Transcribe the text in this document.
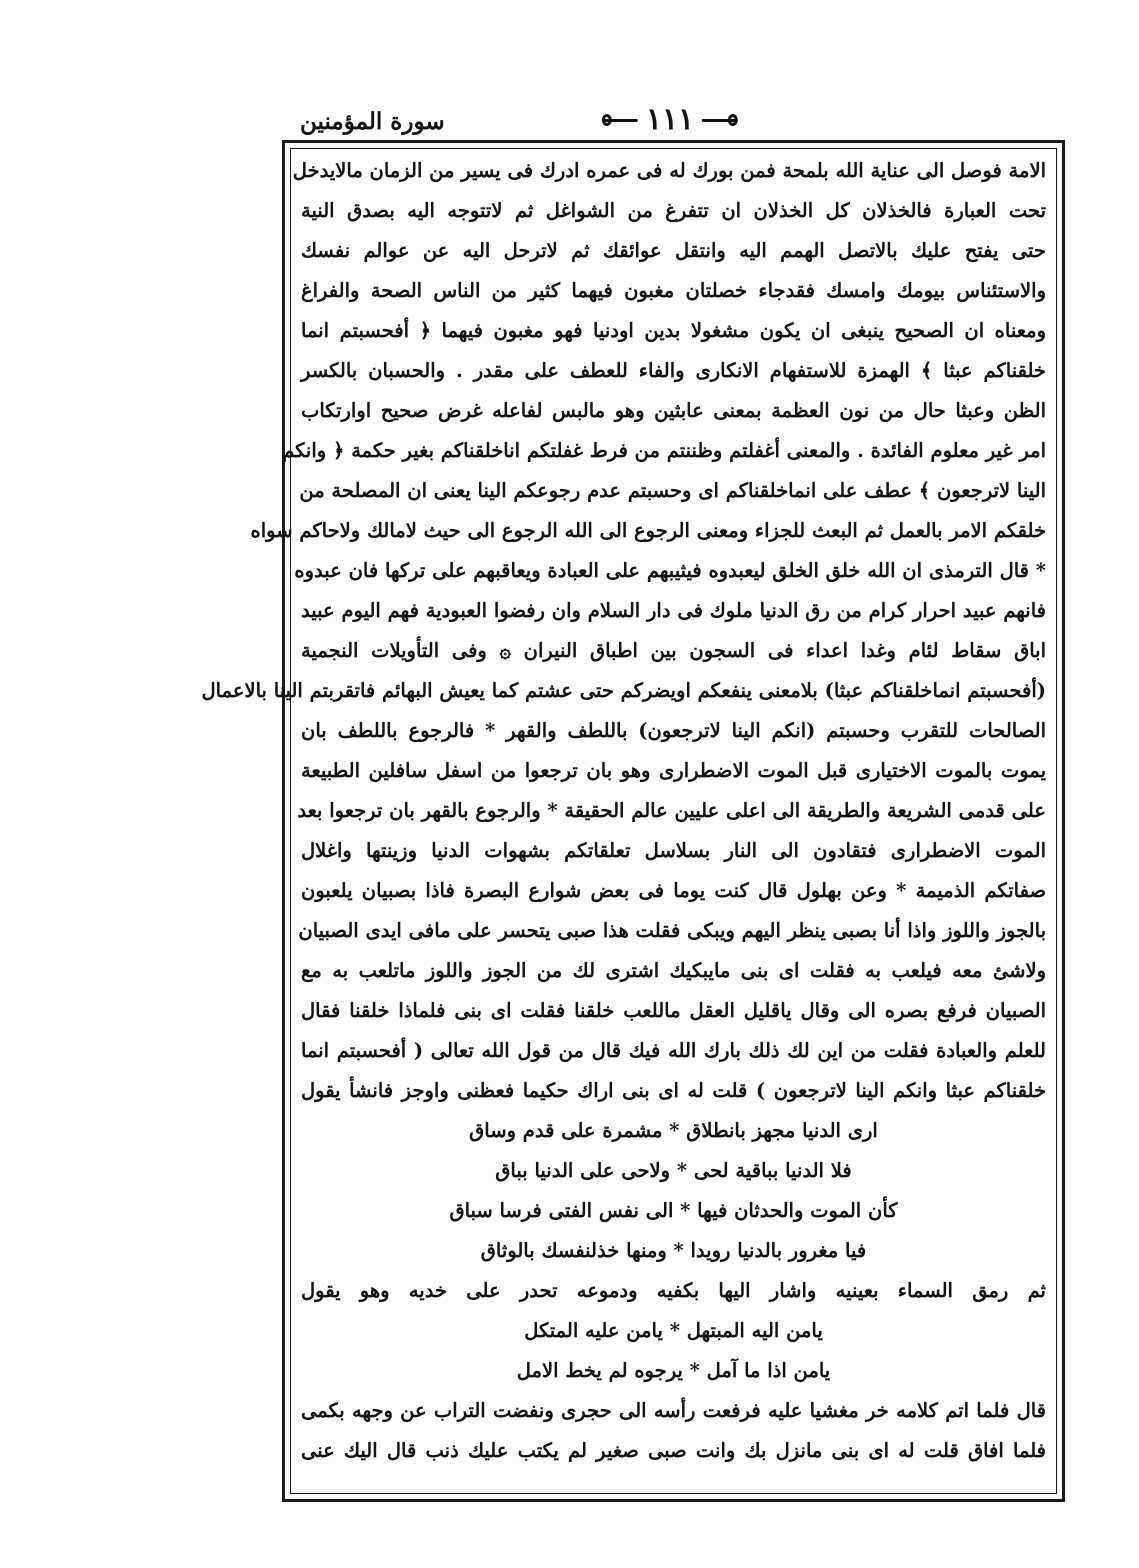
١١١
سورة المؤمنين
الامة فوصل الى عناية الله بلمحة فمن بورك له فى عمره ادرك فى يسير من الزمان مالايدخل
تحت العبارة فالخذلان كل الخذلان ان تتفرغ من الشواغل ثم لاتتوجه اليه بصدق النية
حتى يفتح عليك بالاتصل الهمم اليه وانتقل عوائقك ثم لاترحل اليه عن عوالم نفسك
والاستئناس بيومك وامسك فقدجاء خصلتان مغبون فيهما كثير من الناس الصحة والفراغ
ومعناه ان الصحيح ينبغى ان يكون مشغولا بدين اودنيا فهو مغبون فيهما ﴿ أفحسبتم انما
خلقناكم عبثا ﴾ الهمزة للاستفهام الانكارى والفاء للعطف على مقدر . والحسبان بالكسر
الظن وعبثا حال من نون العظمة بمعنى عابثين وهو مالبس لفاعله غرض صحيح اوارتكاب
امر غير معلوم الفائدة . والمعنى أغفلتم وظننتم من فرط غفلتكم اناخلقناكم بغير حكمة ﴿ وانكم
الينا لاترجعون ﴾ عطف على انماخلقناكم اى وحسبتم عدم رجوعكم الينا يعنى ان المصلحة من
خلقكم الامر بالعمل ثم البعث للجزاء ومعنى الرجوع الى الله الرجوع الى حيث لامالك ولاحاكم سواه
* قال الترمذى ان الله خلق الخلق ليعبدوه فيثيبهم على العبادة ويعاقبهم على تركها فان عبدوه
فانهم عبيد احرار كرام من رق الدنيا ملوك فى دار السلام وان رفضوا العبودية فهم اليوم عبيد
اباق سقاط لئام وغدا اعداء فى السجون بين اطباق النيران ۞ وفى التأويلات النجمية
(أفحسبتم انماخلقناكم عبثا) بلامعنى ينفعكم اويضركم حتى عشتم كما يعيش البهائم فاتقربتم الينا بالاعمال
الصالحات للتقرب وحسبتم (انكم الينا لاترجعون) باللطف والقهر * فالرجوع باللطف بان
يموت بالموت الاختيارى قبل الموت الاضطرارى وهو بان ترجعوا من اسفل سافلين الطبيعة
على قدمى الشريعة والطريقة الى اعلى عليين عالم الحقيقة * والرجوع بالقهر بان ترجعوا بعد
الموت الاضطرارى فتقادون الى النار بسلاسل تعلقاتكم بشهوات الدنيا وزينتها واغلال
صفاتكم الذميمة * وعن بهلول قال كنت يوما فى بعض شوارع البصرة فاذا بصبيان يلعبون
بالجوز واللوز واذا أنا بصبى ينظر اليهم ويبكى فقلت هذا صبى يتحسر على مافى ايدى الصبيان
ولاشئ معه فيلعب به فقلت اى بنى مايبكيك اشترى لك من الجوز واللوز ماتلعب به مع
الصبيان فرفع بصره الى وقال ياقليل العقل ماللعب خلقنا فقلت اى بنى فلماذا خلقنا فقال
للعلم والعبادة فقلت من اين لك ذلك بارك الله فيك قال من قول الله تعالى ( أفحسبتم انما
خلقناكم عبثا وانكم الينا لاترجعون ) قلت له اى بنى اراك حكيما فعظنى واوجز فانشأ يقول
ارى الدنيا مجهز بانطلاق * مشمرة على قدم وساق
فلا الدنيا بباقية لحى * ولاحى على الدنيا بباق
كأن الموت والحدثان فيها * الى نفس الفتى فرسا سباق
فيا مغرور بالدنيا رويدا * ومنها خذلنفسك بالوثاق
ثم رمق السماء بعينيه واشار اليها بكفيه ودموعه تحدر على خديه وهو يقول
يامن اليه المبتهل * يامن عليه المتكل
يامن اذا ما آمل * يرجوه لم يخط الامل
قال فلما اتم كلامه خر مغشيا عليه فرفعت رأسه الى حجرى ونفضت التراب عن وجهه بكمى
فلما افاق قلت له اى بنى مانزل بك وانت صبى صغير لم يكتب عليك ذنب قال اليك عنى
